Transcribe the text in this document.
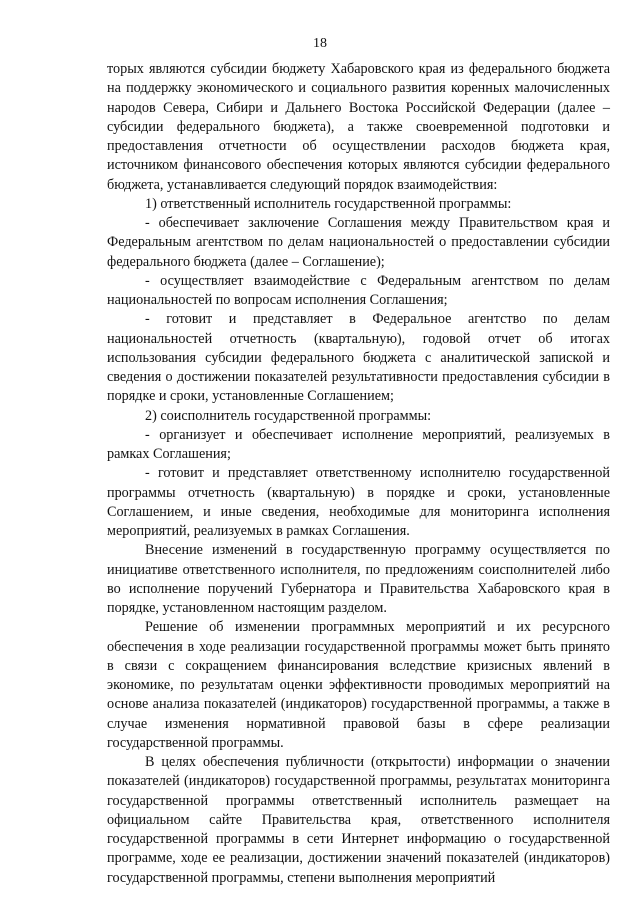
18

торых являются субсидии бюджету Хабаровского края из федерального бюджета на поддержку экономического и социального развития коренных малочисленных народов Севера, Сибири и Дальнего Востока Российской Федерации (далее – субсидии федерального бюджета), а также своевременной подготовки и предоставления отчетности об осуществлении расходов бюджета края, источником финансового обеспечения которых являются субсидии федерального бюджета, устанавливается следующий порядок взаимодействия:

1) ответственный исполнитель государственной программы:

- обеспечивает заключение Соглашения между Правительством края и Федеральным агентством по делам национальностей о предоставлении субсидии федерального бюджета (далее – Соглашение);

- осуществляет взаимодействие с Федеральным агентством по делам национальностей по вопросам исполнения Соглашения;

- готовит и представляет в Федеральное агентство по делам национальностей отчетность (квартальную), годовой отчет об итогах использования субсидии федерального бюджета с аналитической запиской и сведения о достижении показателей результативности предоставления субсидии в порядке и сроки, установленные Соглашением;

2) соисполнитель государственной программы:

- организует и обеспечивает исполнение мероприятий, реализуемых в рамках Соглашения;

- готовит и представляет ответственному исполнителю государственной программы отчетность (квартальную) в порядке и сроки, установленные Соглашением, и иные сведения, необходимые для мониторинга исполнения мероприятий, реализуемых в рамках Соглашения.

Внесение изменений в государственную программу осуществляется по инициативе ответственного исполнителя, по предложениям соисполнителей либо во исполнение поручений Губернатора и Правительства Хабаровского края в порядке, установленном настоящим разделом.

Решение об изменении программных мероприятий и их ресурсного обеспечения в ходе реализации государственной программы может быть принято в связи с сокращением финансирования вследствие кризисных явлений в экономике, по результатам оценки эффективности проводимых мероприятий на основе анализа показателей (индикаторов) государственной программы, а также в случае изменения нормативной правовой базы в сфере реализации государственной программы.

В целях обеспечения публичности (открытости) информации о значении показателей (индикаторов) государственной программы, результатах мониторинга государственной программы ответственный исполнитель размещает на официальном сайте Правительства края, ответственного исполнителя государственной программы в сети Интернет информацию о государственной программе, ходе ее реализации, достижении значений показателей (индикаторов) государственной программы, степени выполнения мероприятий
